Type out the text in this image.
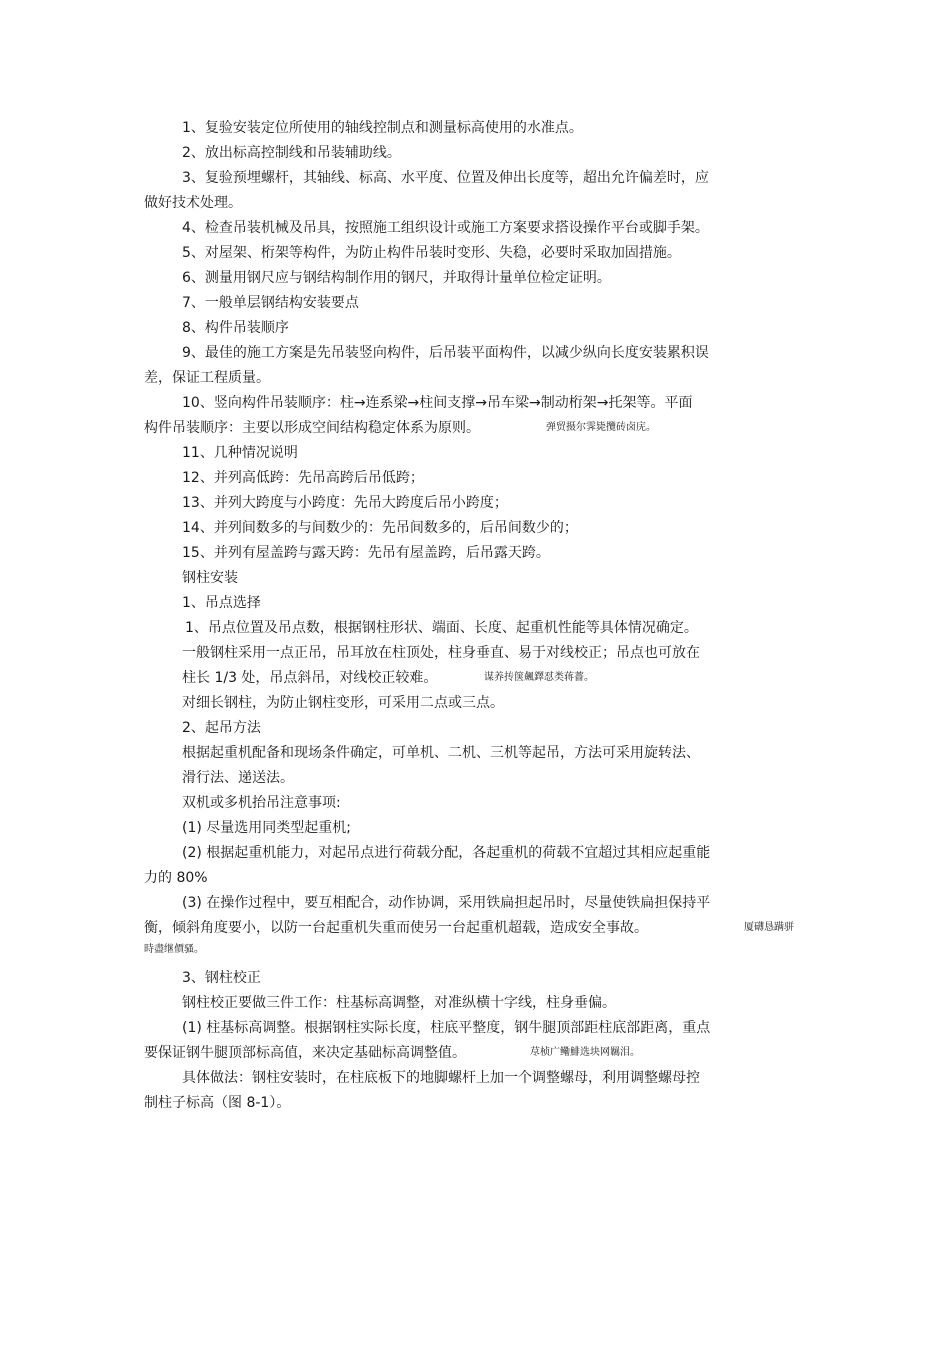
1、复验安装定位所使用的轴线控制点和测量标高使用的水准点。
2、放出标高控制线和吊装辅助线。
3、复验预埋螺杆，其轴线、标高、水平度、位置及伸出长度等，超出允许偏差时，应
做好技术处理。
4、检查吊装机械及吊具，按照施工组织设计或施工方案要求搭设操作平台或脚手架。
5、对屋架、桁架等构件，为防止构件吊装时变形、失稳，必要时采取加固措施。
6、测量用钢尺应与钢结构制作用的钢尺，并取得计量单位检定证明。
7、一般单层钢结构安装要点
8、构件吊装顺序
9、最佳的施工方案是先吊装竖向构件，后吊装平面构件，以减少纵向长度安装累积误
差，保证工程质量。
10、竖向构件吊装顺序：柱→连系梁→柱间支撑→吊车梁→制动桁架→托架等。平面
构件吊装顺序：主要以形成空间结构稳定体系为原则。	弹贸摄尔霁毙攬砖卤庑。
11、几种情况说明
12、并列高低跨：先吊高跨后吊低跨；
13、并列大跨度与小跨度：先吊大跨度后吊小跨度；
14、并列间数多的与间数少的：先吊间数多的，后吊间数少的；
15、并列有屋盖跨与露天跨：先吊有屋盖跨，后吊露天跨。
钢柱安装
1、吊点选择
1、吊点位置及吊点数，根据钢柱形状、端面、长度、起重机性能等具体情况确定。
一般钢柱采用一点正吊，吊耳放在柱顶处，柱身垂直、易于对线校正；吊点也可放在
柱长 1/3 处，吊点斜吊，对线校正较难。	谋养抟箧飆鐸怼类蒋薔。
对细长钢柱，为防止钢柱变形，可采用二点或三点。
2、起吊方法
根据起重机配备和现场条件确定，可单机、二机、三机等起吊，方法可采用旋转法、
滑行法、递送法。
双机或多机抬吊注意事项:
(1) 尽量选用同类型起重机;
(2) 根据起重机能力，对起吊点进行荷载分配，各起重机的荷载不宜超过其相应起重能
力的 80%
(3) 在操作过程中，要互相配合，动作协调，采用铁扁担起吊时，尽量使铁扁担保持平
衡，倾斜角度要小，以防一台起重机失重而使另一台起重机超载，造成安全事故。	厦礴恳蹒骈
時盡继價骚。
3、钢柱校正
钢柱校正要做三件工作：柱基标高调整，对准纵横十字线，柱身垂偏。
(1) 柱基标高调整。根据钢柱实际长度，柱底平整度，钢牛腿顶部距柱底部距离，重点
要保证钢牛腿顶部标高值，来决定基础标高调整值。	荩桢广鳓鯡选块网羈泪。
具体做法：钢柱安装时，在柱底板下的地脚螺杆上加一个调整螺母，利用调整螺母控
制柱子标高（图 8-1）。
